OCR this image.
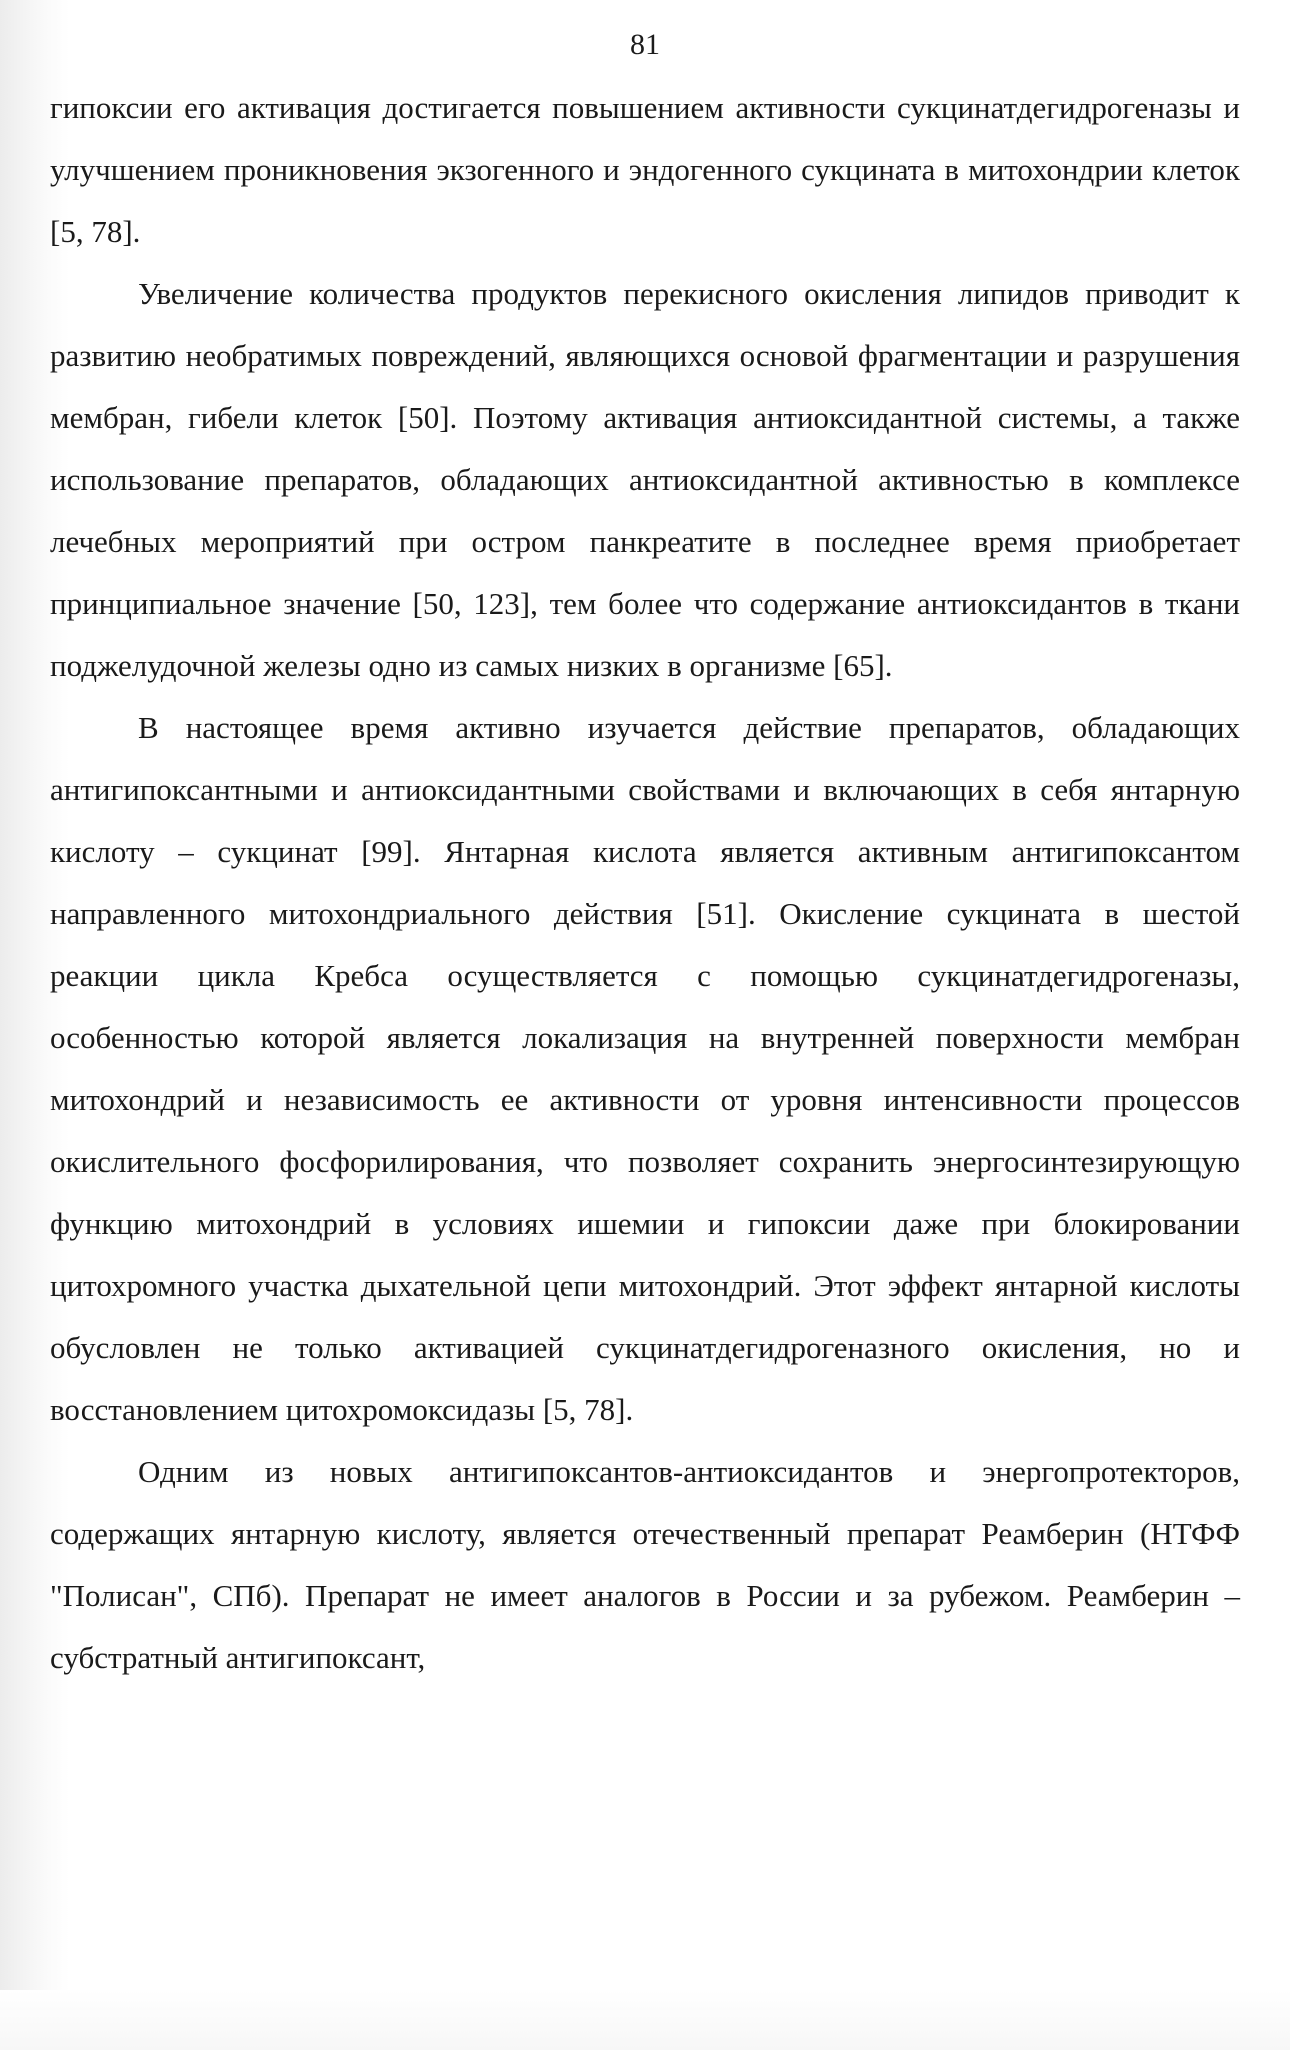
81

гипоксии его активация достигается повышением активности сукцинатдегидрогеназы и улучшением проникновения экзогенного и эндогенного сукцината в митохондрии клеток [5, 78].

Увеличение количества продуктов перекисного окисления липидов приводит к развитию необратимых повреждений, являющихся основой фрагментации и разрушения мембран, гибели клеток [50]. Поэтому активация антиоксидантной системы, а также использование препаратов, обладающих антиоксидантной активностью в комплексе лечебных мероприятий при остром панкреатите в последнее время приобретает принципиальное значение [50, 123], тем более что содержание антиоксидантов в ткани поджелудочной железы одно из самых низких в организме [65].

В настоящее время активно изучается действие препаратов, обладающих антигипоксантными и антиоксидантными свойствами и включающих в себя янтарную кислоту – сукцинат [99]. Янтарная кислота является активным антигипоксантом направленного митохондриального действия [51]. Окисление сукцината в шестой реакции цикла Кребса осуществляется с помощью сукцинатдегидрогеназы, особенностью которой является локализация на внутренней поверхности мембран митохондрий и независимость ее активности от уровня интенсивности процессов окислительного фосфорилирования, что позволяет сохранить энергосинтезирующую функцию митохондрий в условиях ишемии и гипоксии даже при блокировании цитохромного участка дыхательной цепи митохондрий. Этот эффект янтарной кислоты обусловлен не только активацией сукцинатдегидрогеназного окисления, но и восстановлением цитохромоксидазы [5, 78].

Одним из новых антигипоксантов-антиоксидантов и энергопротекторов, содержащих янтарную кислоту, является отечественный препарат Реамберин (НТФФ "Полисан", СПб). Препарат не имеет аналогов в России и за рубежом. Реамберин – субстратный антигипоксант,
